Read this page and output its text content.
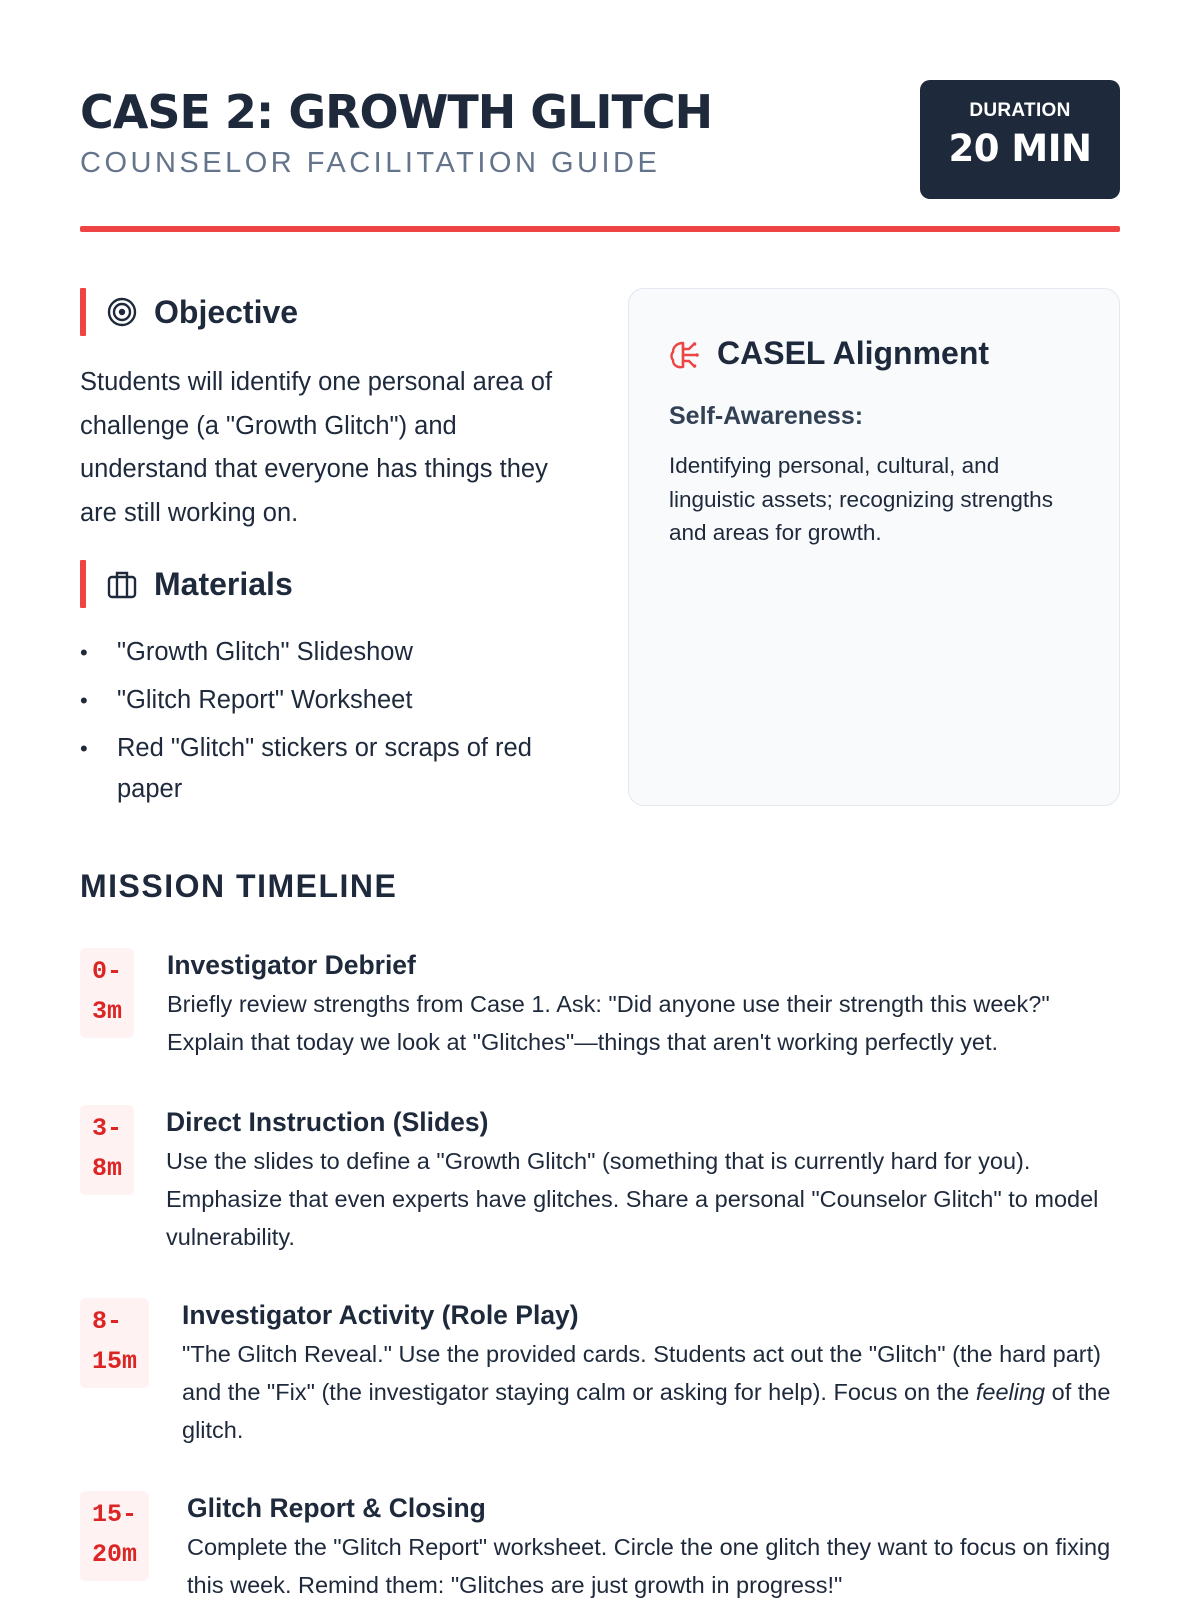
CASE 2: GROWTH GLITCH
COUNSELOR FACILITATION GUIDE
DURATION
20 MIN
Objective

Students will identify one personal area of challenge (a "Growth Glitch") and understand that everyone has things they are still working on.

Materials
• "Growth Glitch" Slideshow
• "Glitch Report" Worksheet
• Red "Glitch" stickers or scraps of red paper
CASEL Alignment
Self-Awareness:

Identifying personal, cultural, and linguistic assets; recognizing strengths and areas for growth.

MISSION TIMELINE
0-
3m
Investigator Debrief

Briefly review strengths from Case 1. Ask: "Did anyone use their strength this week?" Explain that today we look at "Glitches"—things that aren't working perfectly yet.

3-
8m
Direct Instruction (Slides)

Use the slides to define a "Growth Glitch" (something that is currently hard for you). Emphasize that even experts have glitches. Share a personal "Counselor Glitch" to model vulnerability.

8-
15m
Investigator Activity (Role Play)

"The Glitch Reveal." Use the provided cards. Students act out the "Glitch" (the hard part) and the "Fix" (the investigator staying calm or asking for help). Focus on the feeling of the glitch.

15-
20m
Glitch Report & Closing

Complete the "Glitch Report" worksheet. Circle the one glitch they want to focus on fixing this week. Remind them: "Glitches are just growth in progress!"
